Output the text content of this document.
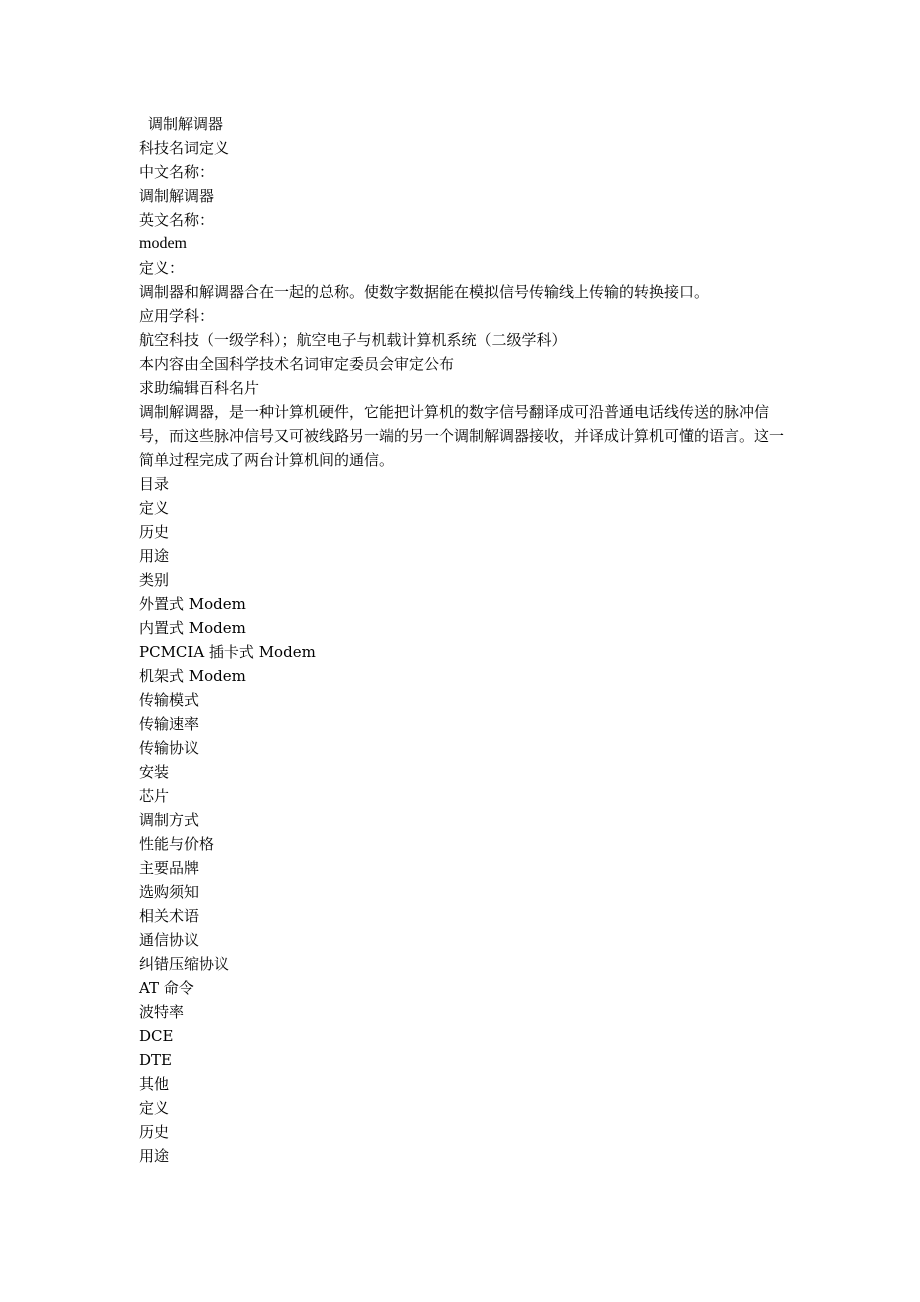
调制解调器
科技名词定义
中文名称：
调制解调器
英文名称：
modem
定义：
调制器和解调器合在一起的总称。使数字数据能在模拟信号传输线上传输的转换接口。
应用学科：
航空科技（一级学科）；航空电子与机载计算机系统（二级学科）
本内容由全国科学技术名词审定委员会审定公布
求助编辑百科名片
调制解调器，是一种计算机硬件，它能把计算机的数字信号翻译成可沿普通电话线传送的脉冲信号，而这些脉冲信号又可被线路另一端的另一个调制解调器接收，并译成计算机可懂的语言。这一简单过程完成了两台计算机间的通信。
目录
定义
历史
用途
类别
外置式 Modem
内置式 Modem
PCMCIA 插卡式 Modem
机架式 Modem
传输模式
传输速率
传输协议
安装
芯片
调制方式
性能与价格
主要品牌
选购须知
相关术语
通信协议
纠错压缩协议
AT 命令
波特率
DCE
DTE
其他
定义
历史
用途
